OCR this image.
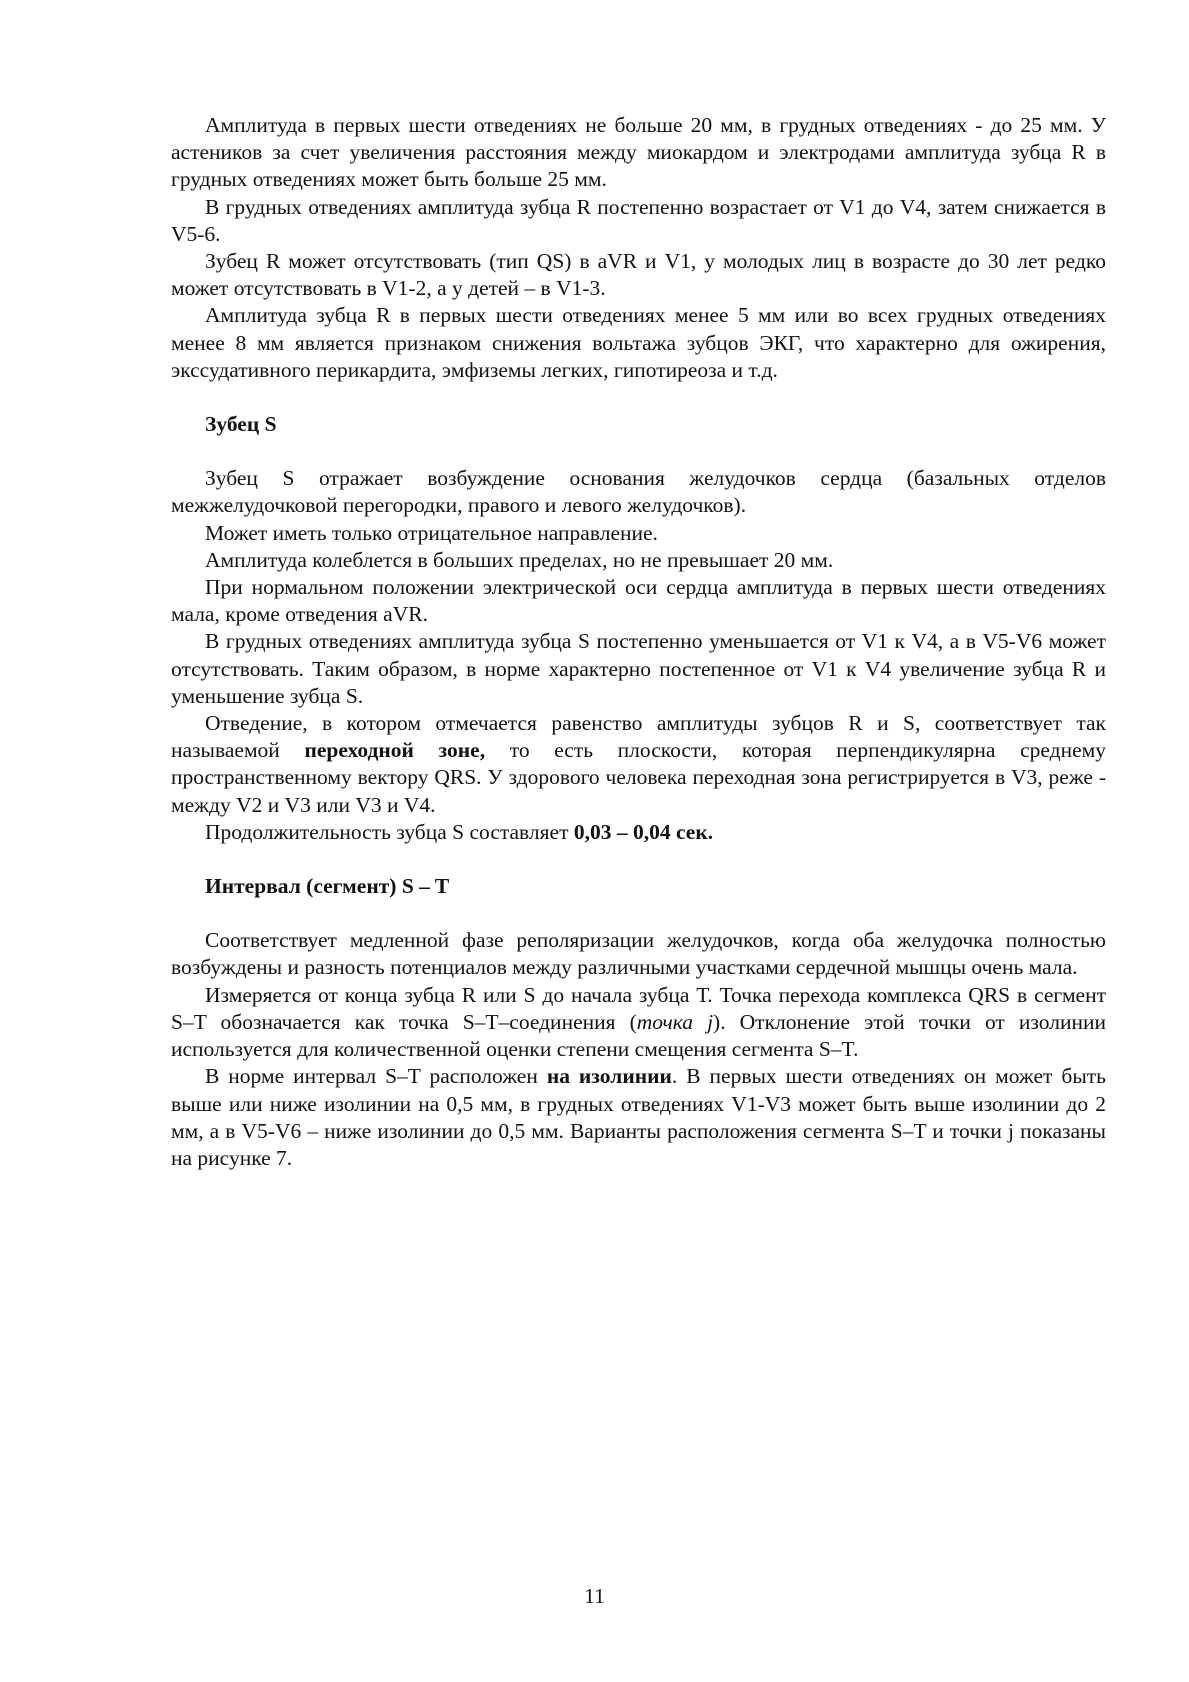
Амплитуда в первых шести отведениях не больше 20 мм, в грудных отведениях - до 25 мм. У астеников за счет увеличения расстояния между миокардом и электродами амплитуда зубца R в грудных отведениях может быть больше 25 мм.

В грудных отведениях амплитуда зубца R постепенно возрастает от V1 до V4, затем снижается в V5-6.

Зубец R может отсутствовать (тип QS) в aVR и V1, у молодых лиц в возрасте до 30 лет редко может отсутствовать в V1-2, а у детей – в V1-3.

Амплитуда зубца R в первых шести отведениях менее 5 мм или во всех грудных отведениях менее 8 мм является признаком снижения вольтажа зубцов ЭКГ, что характерно для ожирения, экссудативного перикардита, эмфиземы легких, гипотиреоза и т.д.

Зубец S

Зубец S отражает возбуждение основания желудочков сердца (базальных отделов межжелудочковой перегородки, правого и левого желудочков).

Может иметь только отрицательное направление.

Амплитуда колеблется в больших пределах, но не превышает 20 мм.

При нормальном положении электрической оси сердца амплитуда в первых шести отведениях мала, кроме отведения aVR.

В грудных отведениях амплитуда зубца S постепенно уменьшается от V1 к V4, а в V5-V6 может отсутствовать. Таким образом, в норме характерно постепенное от V1 к V4 увеличение зубца R и уменьшение зубца S.

Отведение, в котором отмечается равенство амплитуды зубцов R и S, соответствует так называемой переходной зоне, то есть плоскости, которая перпендикулярна среднему пространственному вектору QRS. У здорового человека переходная зона регистрируется в V3, реже - между V2 и V3 или V3 и V4.

Продолжительность зубца S составляет 0,03 – 0,04 сек.

Интервал (сегмент) S – T

Соответствует медленной фазе реполяризации желудочков, когда оба желудочка полностью возбуждены и разность потенциалов между различными участками сердечной мышцы очень мала.

Измеряется от конца зубца R или S до начала зубца Т. Точка перехода комплекса QRS в сегмент S–T обозначается как точка S–T–соединения (точка j). Отклонение этой точки от изолинии используется для количественной оценки степени смещения сегмента S–T.

В норме интервал S–T расположен на изолинии. В первых шести отведениях он может быть выше или ниже изолинии на 0,5 мм, в грудных отведениях V1-V3 может быть выше изолинии до 2 мм, а в V5-V6 – ниже изолинии до 0,5 мм. Варианты расположения сегмента S–T и точки j показаны на рисунке 7.

11
